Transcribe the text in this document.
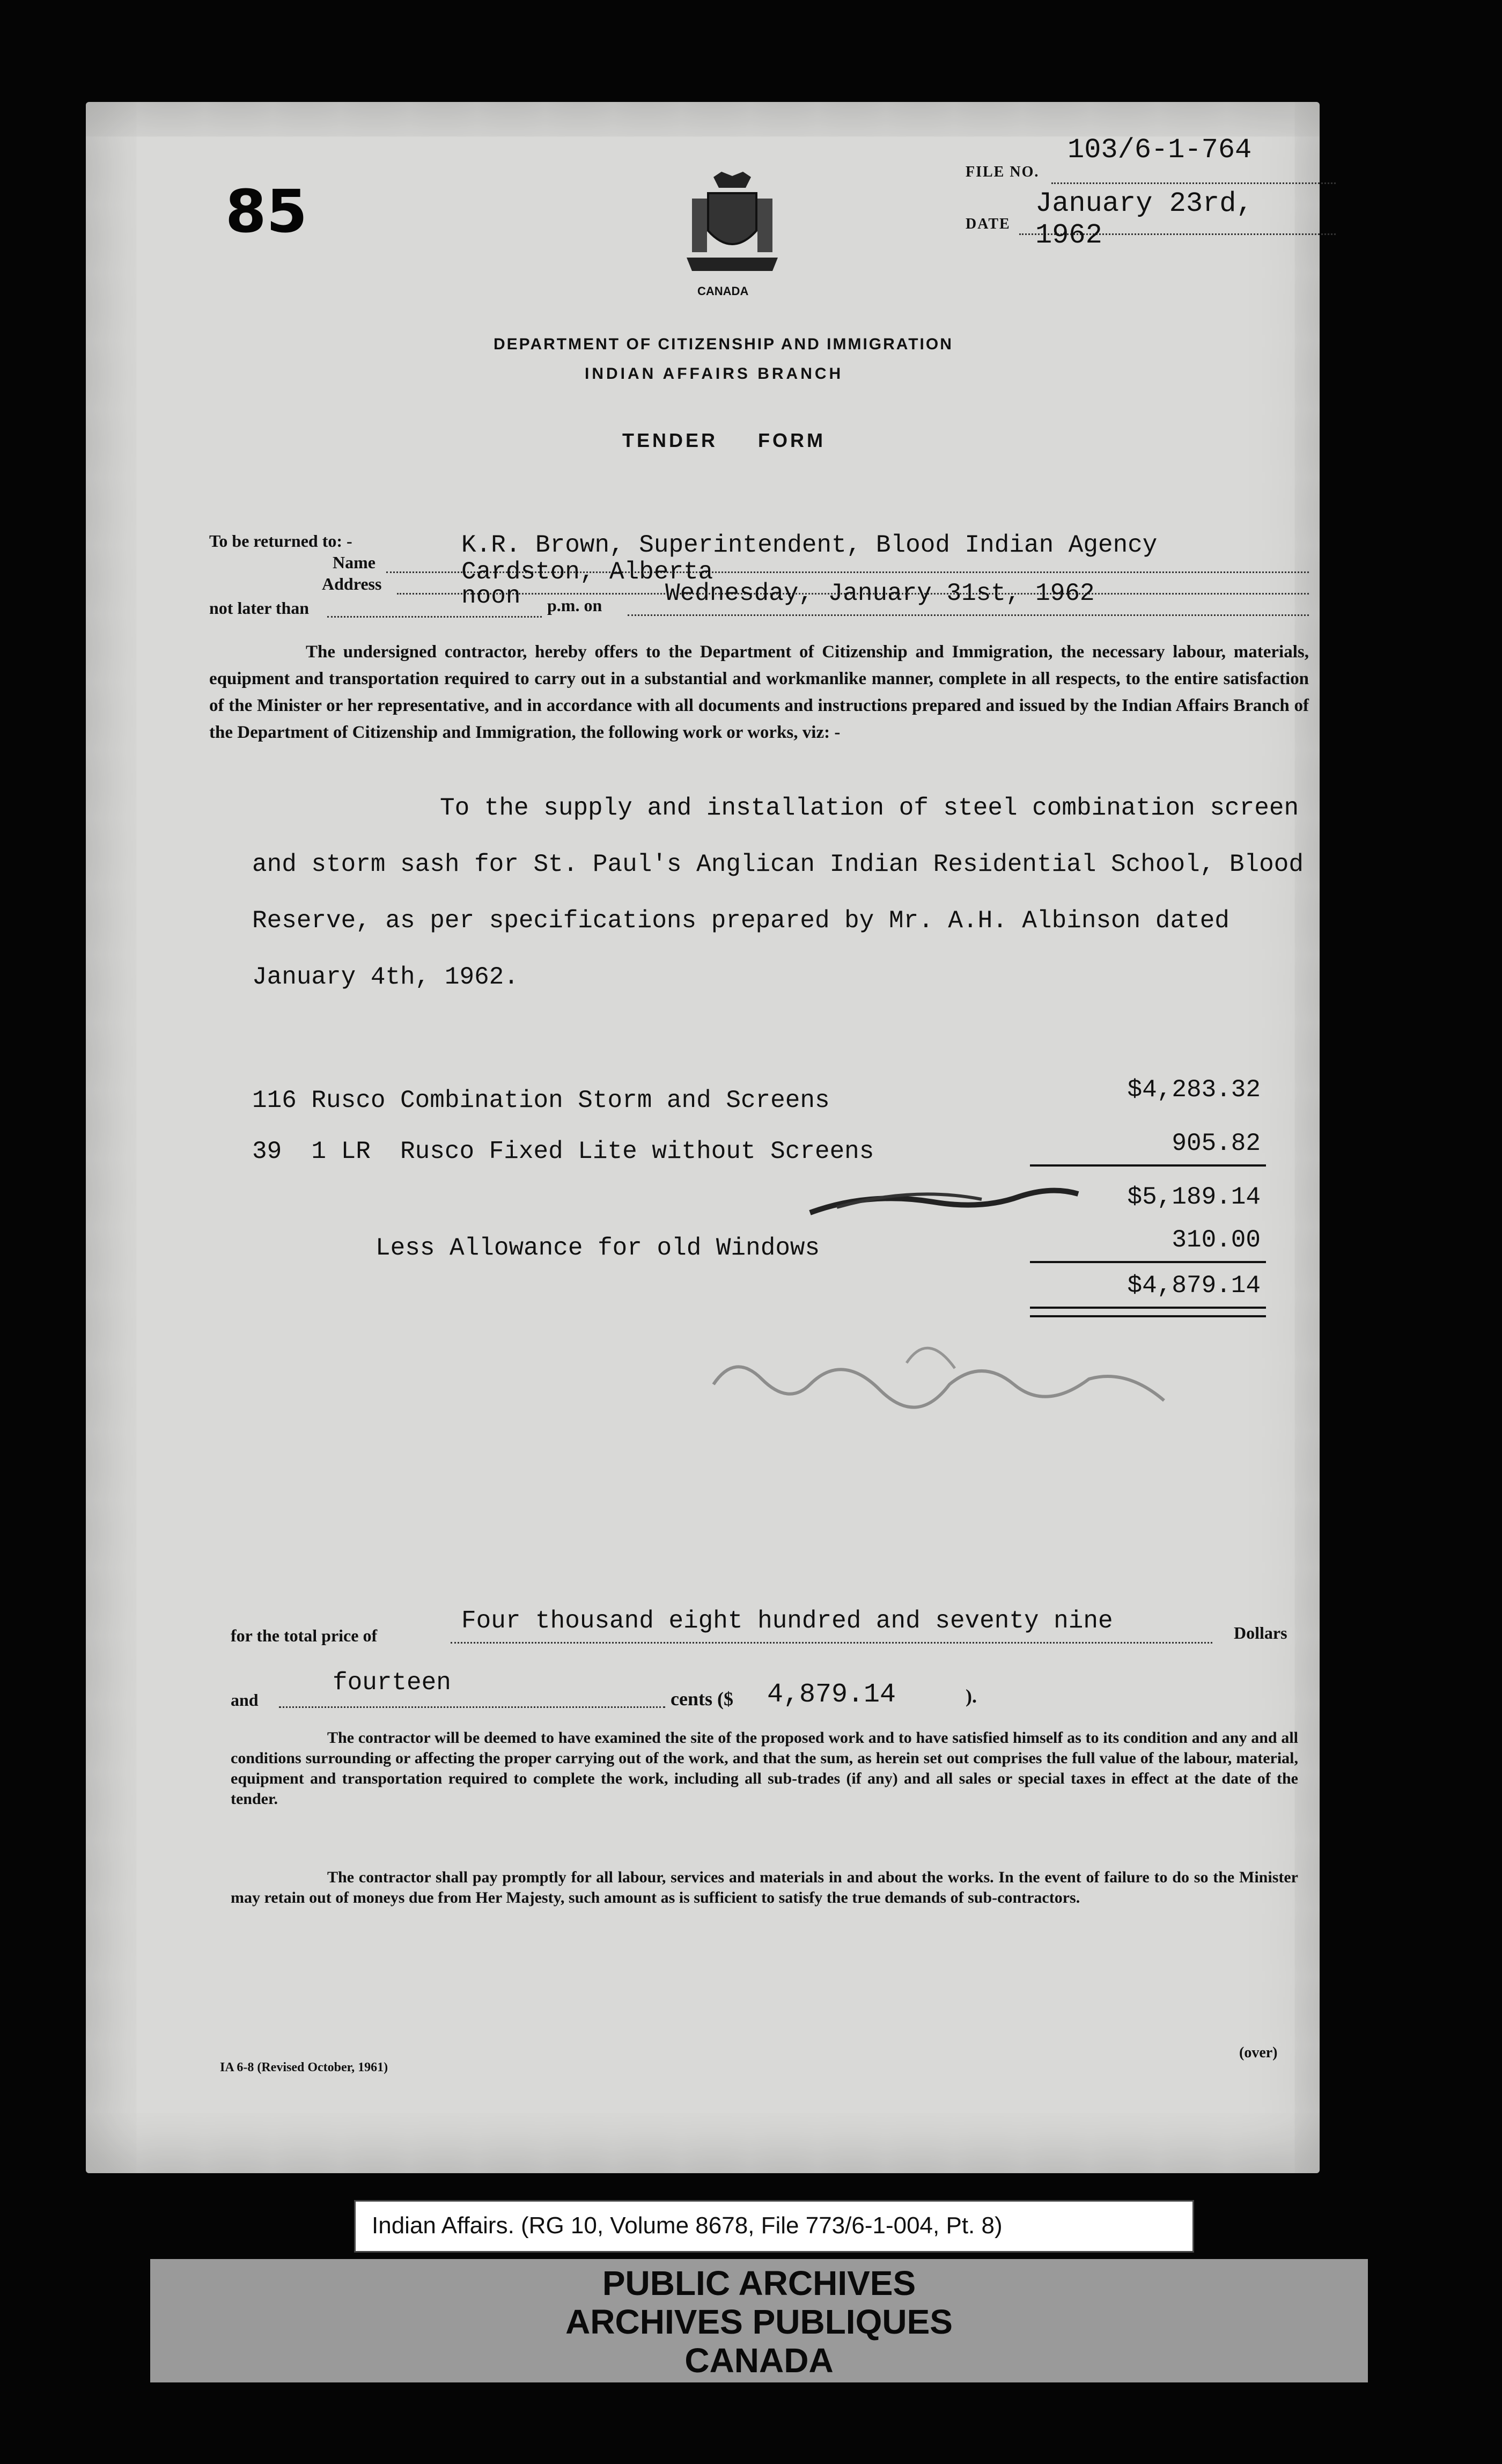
85
FILE NO.
103/6-1-764
DATE
January 23rd, 1962
CANADA
DEPARTMENT OF CITIZENSHIP AND IMMIGRATION
INDIAN AFFAIRS BRANCH
TENDER     FORM
To be returned to: -
Name
K.R. Brown, Superintendent, Blood Indian Agency
Address	Cardston, Alberta
not later than	noon p.m. on	Wednesday, January 31st, 1962
The undersigned contractor, hereby offers to the Department of Citizenship and Immigration, the necessary labour, materials, equipment and transportation required to carry out in a substantial and workmanlike manner, complete in all respects, to the entire satisfaction of the Minister or her representative, and in accordance with all documents and instructions prepared and issued by the Indian Affairs Branch of the Department of Citizenship and Immigration, the following work or works, viz: -
To the supply and installation of steel combination screen
and storm sash for St. Paul's Anglican Indian Residential School, Blood
Reserve, as per specifications prepared by Mr. A.H. Albinson dated
January 4th, 1962.
116 Rusco Combination Storm and Screens	$4,283.32
39  1 LR  Rusco Fixed Lite without Screens	905.82
$5,189.14
Less Allowance for old Windows	310.00
$4,879.14
for the total price of
Four thousand eight hundred and seventy nine	Dollars
and
fourteen
cents ($ 4,879.14	).
The contractor will be deemed to have examined the site of the proposed work and to have satisfied himself as to its condition and any and all conditions surrounding or affecting the proper carrying out of the work, and that the sum, as herein set out comprises the full value of the labour, material, equipment and transportation required to complete the work, including all sub-trades (if any) and all sales or special taxes in effect at the date of the tender.
The contractor shall pay promptly for all labour, services and materials in and about the works. In the event of failure to do so the Minister may retain out of moneys due from Her Majesty, such amount as is sufficient to satisfy the true demands of sub-contractors.
IA 6-8 (Revised October, 1961)
(over)
Indian Affairs. (RG 10, Volume 8678, File 773/6-1-004, Pt. 8)
PUBLIC ARCHIVES
ARCHIVES PUBLIQUES
CANADA
